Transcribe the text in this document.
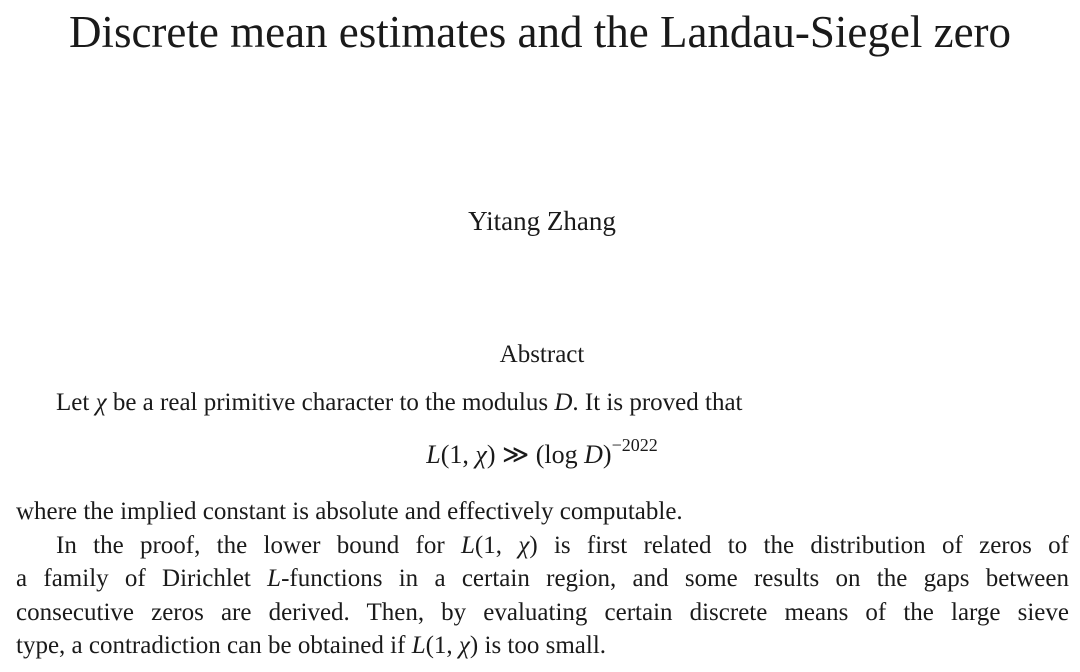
Discrete mean estimates and the Landau-Siegel zero
Yitang Zhang
Abstract
Let χ be a real primitive character to the modulus D. It is proved that
L(1, χ) ≫ (log D)$^{-2022}$
where the implied constant is absolute and effectively computable.
In the proof, the lower bound for L(1, χ) is first related to the distribution of zeros of
a family of Dirichlet L-functions in a certain region, and some results on the gaps between
consecutive zeros are derived. Then, by evaluating certain discrete means of the large sieve
type, a contradiction can be obtained if L(1, χ) is too small.
